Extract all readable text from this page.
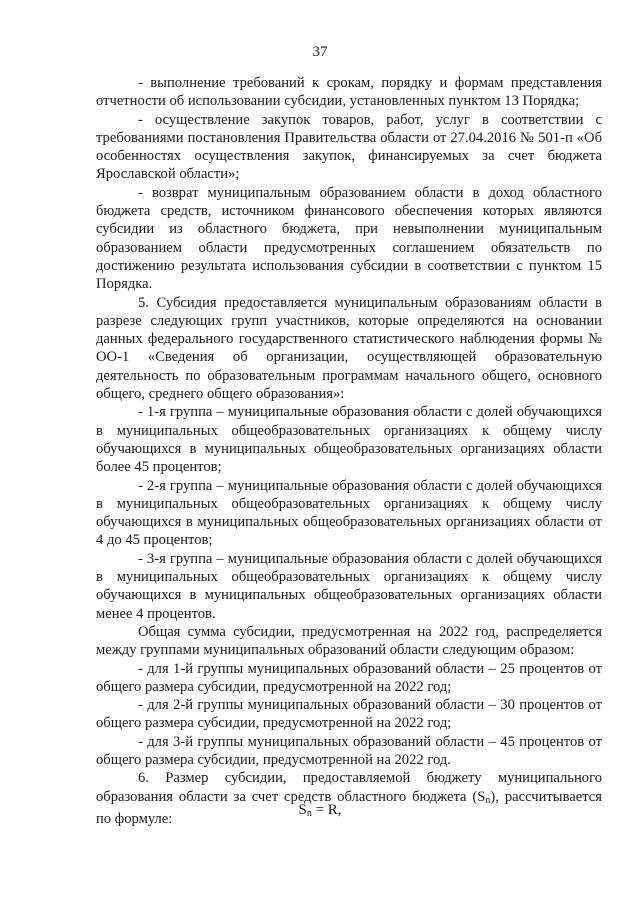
37

- выполнение требований к срокам, порядку и формам представления отчетности об использовании субсидии, установленных пунктом 13 Порядка;

- осуществление закупок товаров, работ, услуг в соответствии с требованиями постановления Правительства области от 27.04.2016 № 501-п «Об особенностях осуществления закупок, финансируемых за счет бюджета Ярославской области»;

- возврат муниципальным образованием области в доход областного бюджета средств, источником финансового обеспечения которых являются субсидии из областного бюджета, при невыполнении муниципальным образованием области предусмотренных соглашением обязательств по достижению результата использования субсидии в соответствии с пунктом 15 Порядка.

5. Субсидия предоставляется муниципальным образованиям области в разрезе следующих групп участников, которые определяются на основании данных федерального государственного статистического наблюдения формы № ОО-1 «Сведения об организации, осуществляющей образовательную деятельность по образовательным программам начального общего, основного общего, среднего общего образования»:

- 1-я группа – муниципальные образования области с долей обучающихся в муниципальных общеобразовательных организациях к общему числу обучающихся в муниципальных общеобразовательных организациях области более 45 процентов;

- 2-я группа – муниципальные образования области с долей обучающихся в муниципальных общеобразовательных организациях к общему числу обучающихся в муниципальных общеобразовательных организациях области от 4 до 45 процентов;

- 3-я группа – муниципальные образования области с долей обучающихся в муниципальных общеобразовательных организациях к общему числу обучающихся в муниципальных общеобразовательных организациях области менее 4 процентов.

Общая сумма субсидии, предусмотренная на 2022 год, распределяется между группами муниципальных образований области следующим образом:

- для 1-й группы муниципальных образований области – 25 процентов от общего размера субсидии, предусмотренной на 2022 год;

- для 2-й группы муниципальных образований области – 30 процентов от общего размера субсидии, предусмотренной на 2022 год;

- для 3-й группы муниципальных образований области – 45 процентов от общего размера субсидии, предусмотренной на 2022 год.

6. Размер субсидии, предоставляемой бюджету муниципального образования области за счет средств областного бюджета $(S_n)$, рассчитывается по формуле:

$S_n = R$,
